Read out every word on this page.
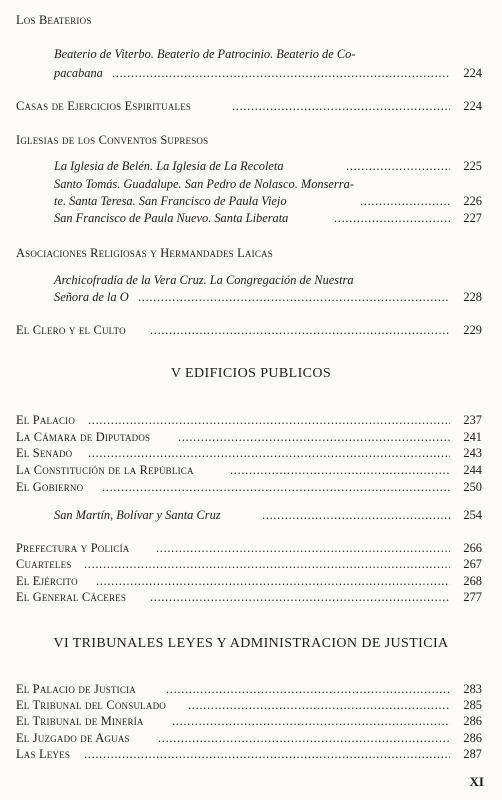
Los Beaterios
Beaterio de Viterbo. Beaterio de Patrocinio. Beaterio de Co-
pacabana . . .	224
Casas de Ejercicios Espirituales . . .	224
Iglesias de los Conventos Supresos
La Iglesia de Belén. La Iglesia de La Recoleta . . .	225
Santo Tomás. Guadalupe. San Pedro de Nolasco. Monserra-
te. Santa Teresa. San Francisco de Paula Viejo . . .	226
San Francisco de Paula Nuevo. Santa Liberata . . .	227
Asociaciones Religiosas y Hermandades Laicas
Archicofradía de la Vera Cruz. La Congregación de Nuestra
Señora de la O . . .	228
El Clero y el Culto . . .	229
V EDIFICIOS PUBLICOS
El Palacio . . .	237
La Cámara de Diputados . . .	241
El Senado . . .	243
La Constitución de la República . . .	244
El Gobierno . . .	250
San Martín, Bolívar y Santa Cruz . . .	254
Prefectura y Policía . . .	266
Cuarteles . . .	267
El Ejército . . .	268
El General Cáceres . . .	277
VI TRIBUNALES LEYES Y ADMINISTRACION DE JUSTICIA
El Palacio de Justicia . . .	283
El Tribunal del Consulado . . .	285
El Tribunal de Minería . . .	286
El Juzgado de Aguas . . .	286
Las Leyes . . .	287
XI
